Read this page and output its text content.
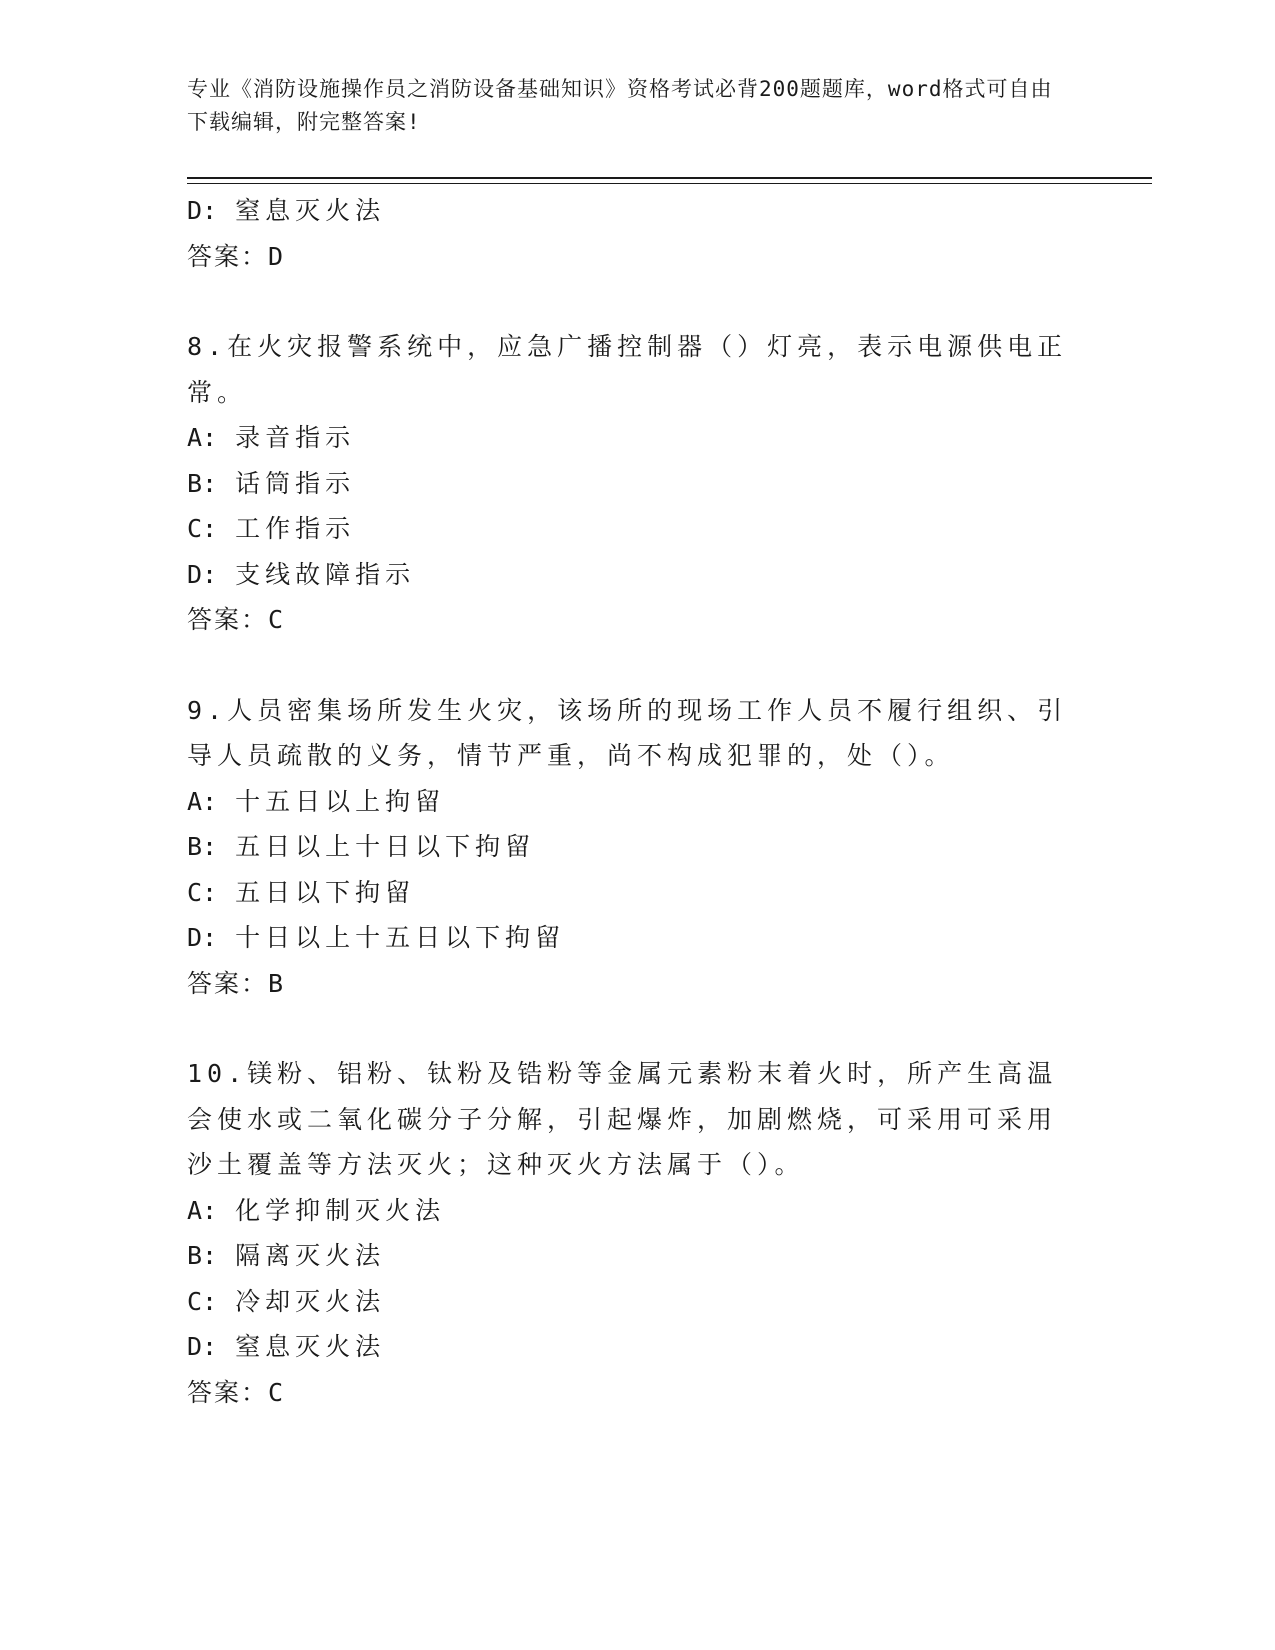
专业《消防设施操作员之消防设备基础知识》资格考试必背200题题库，word格式可自由下载编辑，附完整答案!
D: 窒息灭火法
答案：D
8.在火灾报警系统中，应急广播控制器（）灯亮，表示电源供电正常。
A: 录音指示
B: 话筒指示
C: 工作指示
D: 支线故障指示
答案：C
9.人员密集场所发生火灾，该场所的现场工作人员不履行组织、引导人员疏散的义务，情节严重，尚不构成犯罪的，处（）。
A: 十五日以上拘留
B: 五日以上十日以下拘留
C: 五日以下拘留
D: 十日以上十五日以下拘留
答案：B
10.镁粉、铝粉、钛粉及锆粉等金属元素粉末着火时，所产生高温会使水或二氧化碳分子分解，引起爆炸，加剧燃烧，可采用可采用沙土覆盖等方法灭火；这种灭火方法属于（）。
A: 化学抑制灭火法
B: 隔离灭火法
C: 冷却灭火法
D: 窒息灭火法
答案：C
